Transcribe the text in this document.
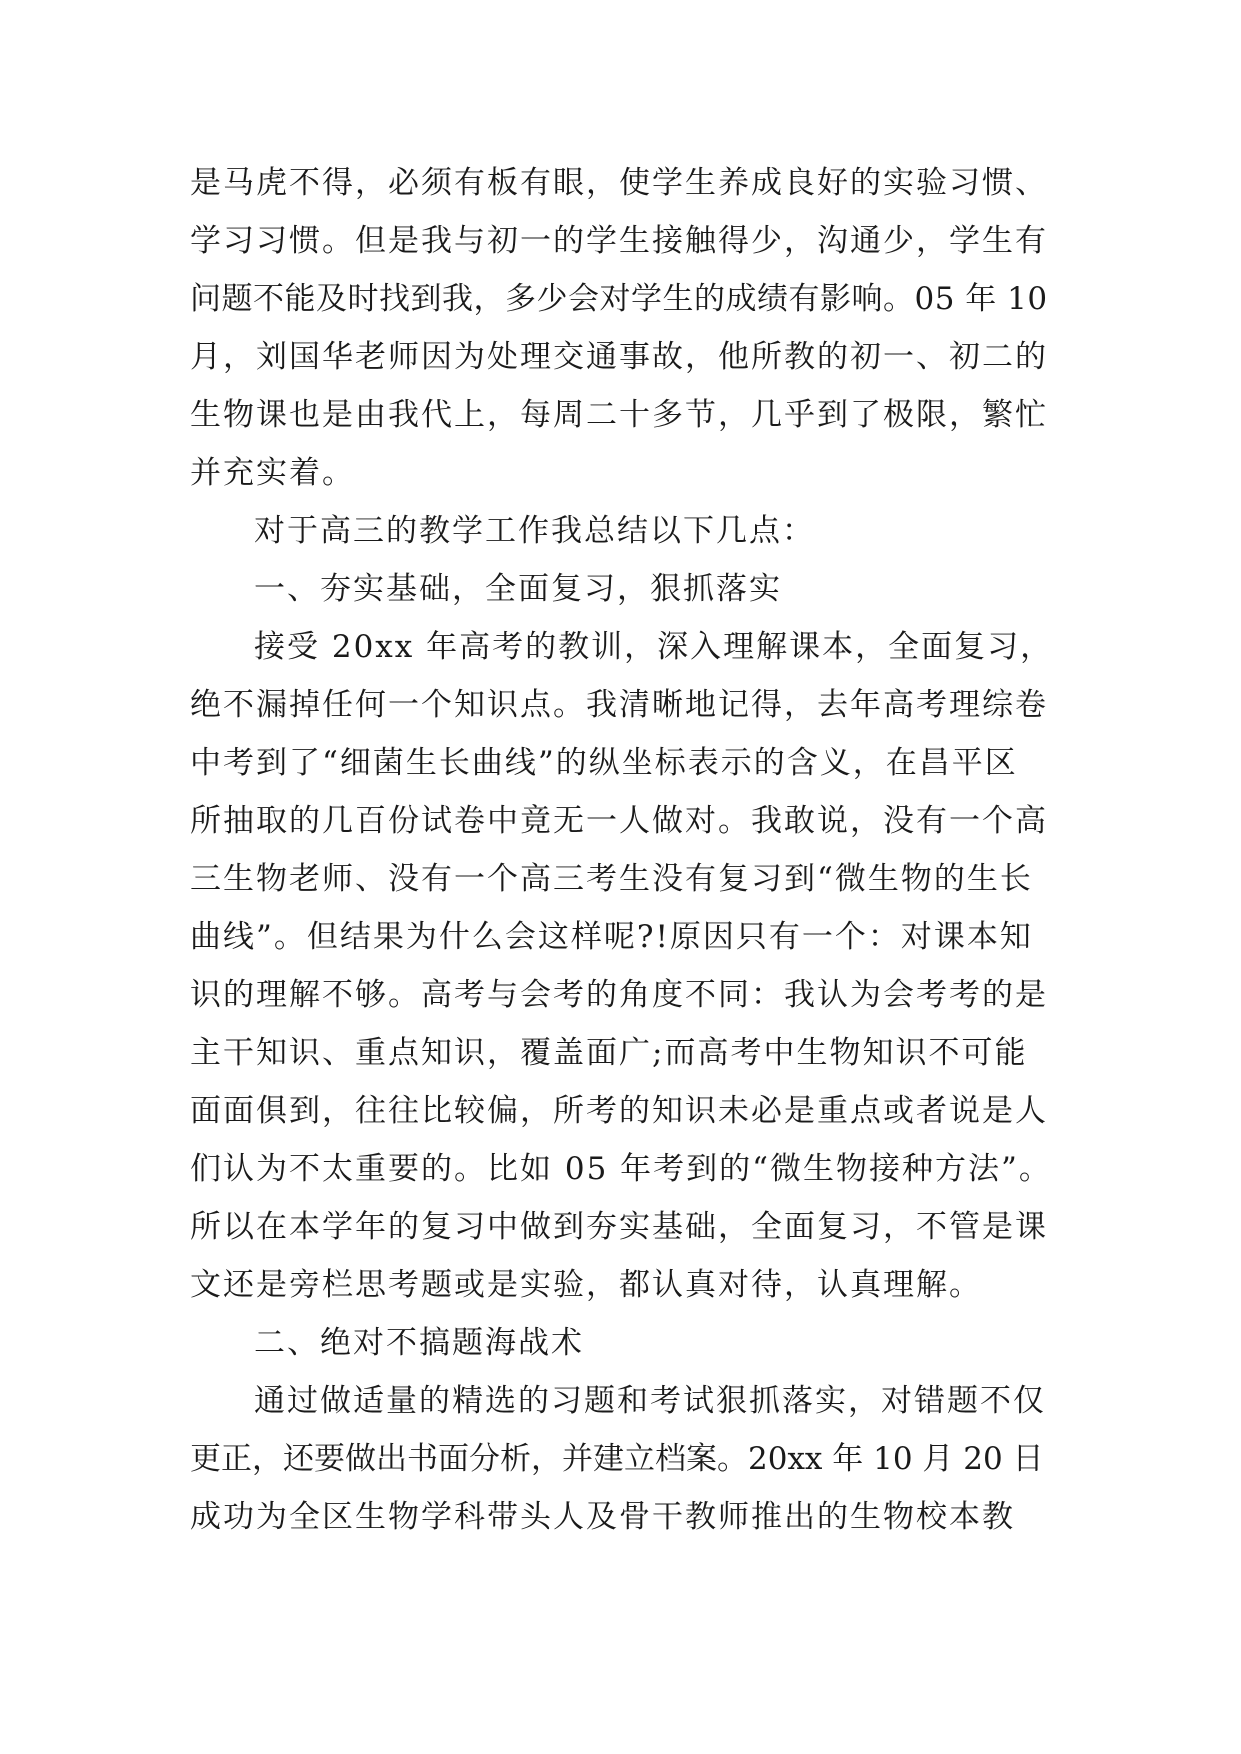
是马虎不得，必须有板有眼，使学生养成良好的实验习惯、
学习习惯。但是我与初一的学生接触得少，沟通少，学生有
问题不能及时找到我，多少会对学生的成绩有影响。05 年 10
月，刘国华老师因为处理交通事故，他所教的初一、初二的
生物课也是由我代上，每周二十多节，几乎到了极限，繁忙
并充实着。
对于高三的教学工作我总结以下几点：
一、夯实基础，全面复习，狠抓落实
接受 20xx 年高考的教训，深入理解课本，全面复习，
绝不漏掉任何一个知识点。我清晰地记得，去年高考理综卷
中考到了“细菌生长曲线”的纵坐标表示的含义，在昌平区
所抽取的几百份试卷中竟无一人做对。我敢说，没有一个高
三生物老师、没有一个高三考生没有复习到“微生物的生长
曲线”。但结果为什么会这样呢?!原因只有一个：对课本知
识的理解不够。高考与会考的角度不同：我认为会考考的是
主干知识、重点知识，覆盖面广;而高考中生物知识不可能
面面俱到，往往比较偏，所考的知识未必是重点或者说是人
们认为不太重要的。比如 05 年考到的“微生物接种方法”。
所以在本学年的复习中做到夯实基础，全面复习，不管是课
文还是旁栏思考题或是实验，都认真对待，认真理解。
二、绝对不搞题海战术
通过做适量的精选的习题和考试狠抓落实，对错题不仅
更正，还要做出书面分析，并建立档案。20xx 年 10 月 20 日
成功为全区生物学科带头人及骨干教师推出的生物校本教
